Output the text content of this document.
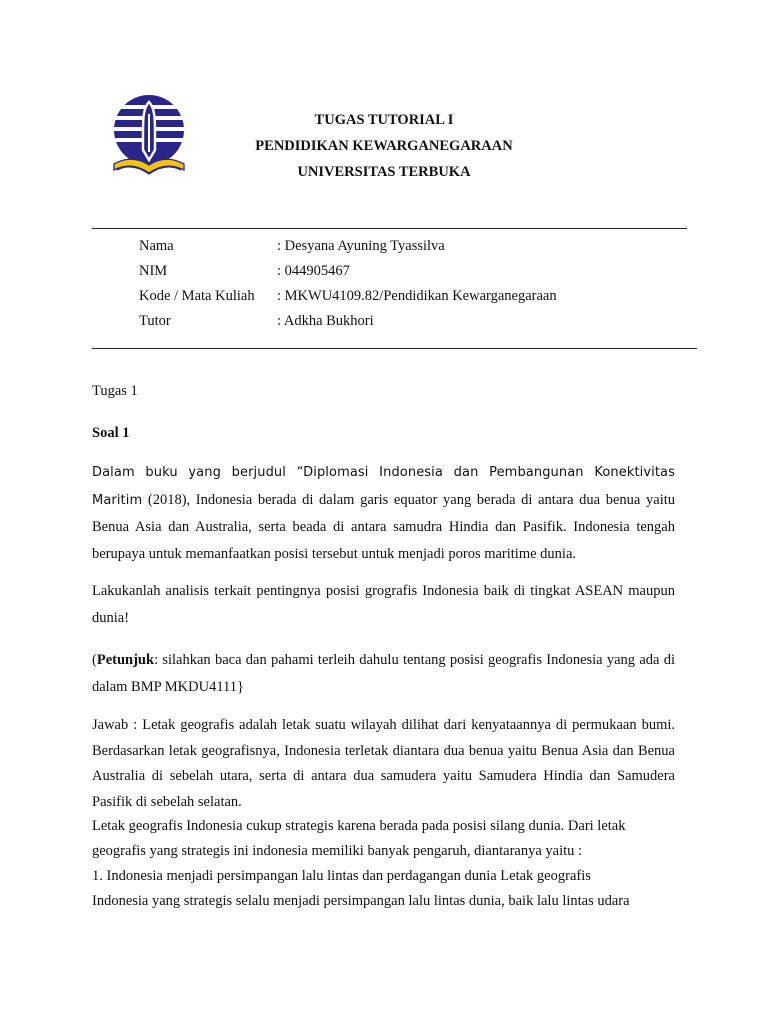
TUGAS TUTORIAL I
PENDIDIKAN KEWARGANEGARAAN
UNIVERSITAS TERBUKA
Nama	: Desyana Ayuning Tyassilva
NIM	: 044905467
Kode / Mata Kuliah : MKWU4109.82/Pendidikan Kewarganegaraan
Tutor	: Adkha Bukhori
Tugas 1
Soal 1
Dalam buku yang berjudul “Diplomasi Indonesia dan Pembangunan Konektivitas Maritim (2018), Indonesia berada di dalam garis equator yang berada di antara dua benua yaitu Benua Asia dan Australia, serta beada di antara samudra Hindia dan Pasifik. Indonesia tengah berupaya untuk memanfaatkan posisi tersebut untuk menjadi poros maritime dunia.
Lakukanlah analisis terkait pentingnya posisi grografis Indonesia baik di tingkat ASEAN maupun dunia!
(Petunjuk: silahkan baca dan pahami terleih dahulu tentang posisi geografis Indonesia yang ada di dalam BMP MKDU4111}
Jawab : Letak geografis adalah letak suatu wilayah dilihat dari kenyataannya di permukaan bumi. Berdasarkan letak geografisnya, Indonesia terletak diantara dua benua yaitu Benua Asia dan Benua Australia di sebelah utara, serta di antara dua samudera yaitu Samudera Hindia dan Samudera Pasifik di sebelah selatan.
Letak geografis Indonesia cukup strategis karena berada pada posisi silang dunia. Dari letak
geografis yang strategis ini indonesia memiliki banyak pengaruh, diantaranya yaitu :
1. Indonesia menjadi persimpangan lalu lintas dan perdagangan dunia Letak geografis
Indonesia yang strategis selalu menjadi persimpangan lalu lintas dunia, baik lalu lintas udara
